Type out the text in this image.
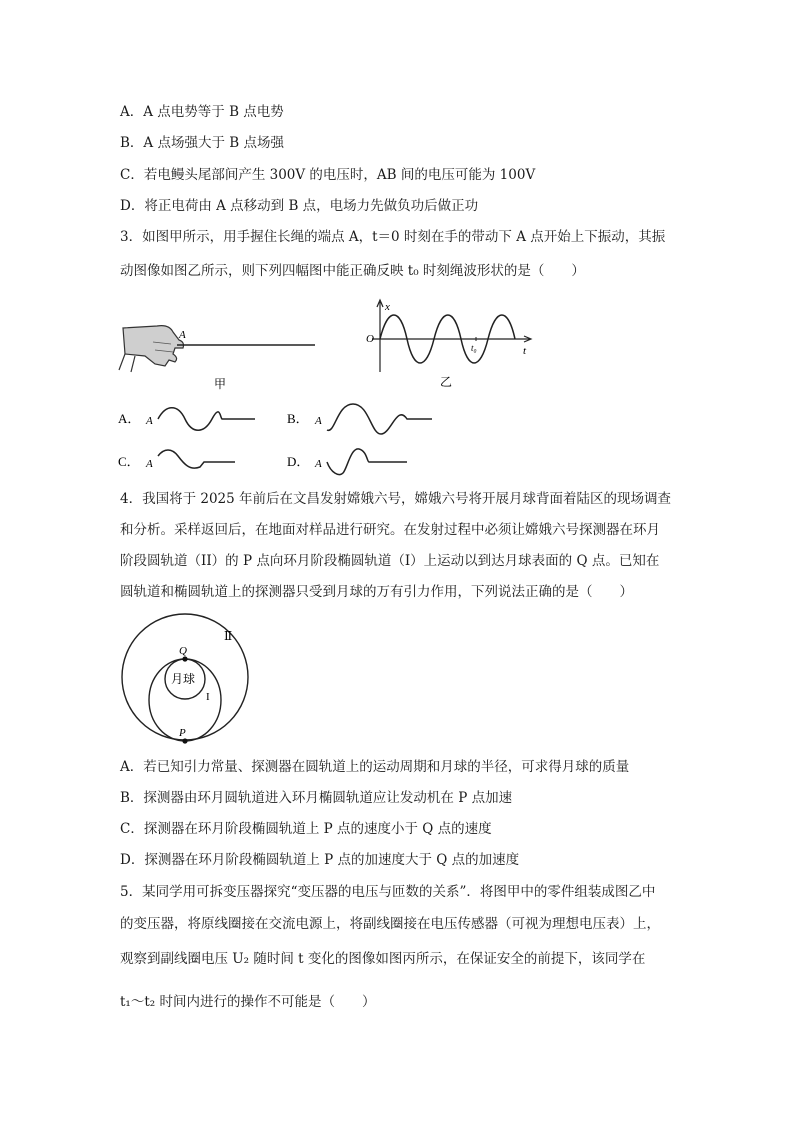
A．A 点电势等于 B 点电势
B．A 点场强大于 B 点场强
C．若电鳗头尾部间产生 300V 的电压时，AB 间的电压可能为 100V
D．将正电荷由 A 点移动到 B 点，电场力先做负功后做正功
3．如图甲所示，用手握住长绳的端点 A，t＝0 时刻在手的带动下 A 点开始上下振动，其振
动图像如图乙所示，则下列四幅图中能正确反映 t₀ 时刻绳波形状的是（　　）
A
甲
x
t
O
t₀
乙
A． A	B． A
C． A	D． A
4．我国将于 2025 年前后在文昌发射嫦娥六号，嫦娥六号将开展月球背面着陆区的现场调查
和分析。采样返回后，在地面对样品进行研究。在发射过程中必须让嫦娥六号探测器在环月
阶段圆轨道（II）的 P 点向环月阶段椭圆轨道（I）上运动以到达月球表面的 Q 点。已知在
圆轨道和椭圆轨道上的探测器只受到月球的万有引力作用，下列说法正确的是（　　）
月球
Q
P
I
Ⅱ
A．若已知引力常量、探测器在圆轨道上的运动周期和月球的半径，可求得月球的质量
B．探测器由环月圆轨道进入环月椭圆轨道应让发动机在 P 点加速
C．探测器在环月阶段椭圆轨道上 P 点的速度小于 Q 点的速度
D．探测器在环月阶段椭圆轨道上 P 点的加速度大于 Q 点的加速度
5．某同学用可拆变压器探究“变压器的电压与匝数的关系”．将图甲中的零件组装成图乙中
的变压器，将原线圈接在交流电源上，将副线圈接在电压传感器（可视为理想电压表）上，
观察到副线圈电压 U₂ 随时间 t 变化的图像如图丙所示，在保证安全的前提下，该同学在
t₁～t₂ 时间内进行的操作不可能是（　　）
